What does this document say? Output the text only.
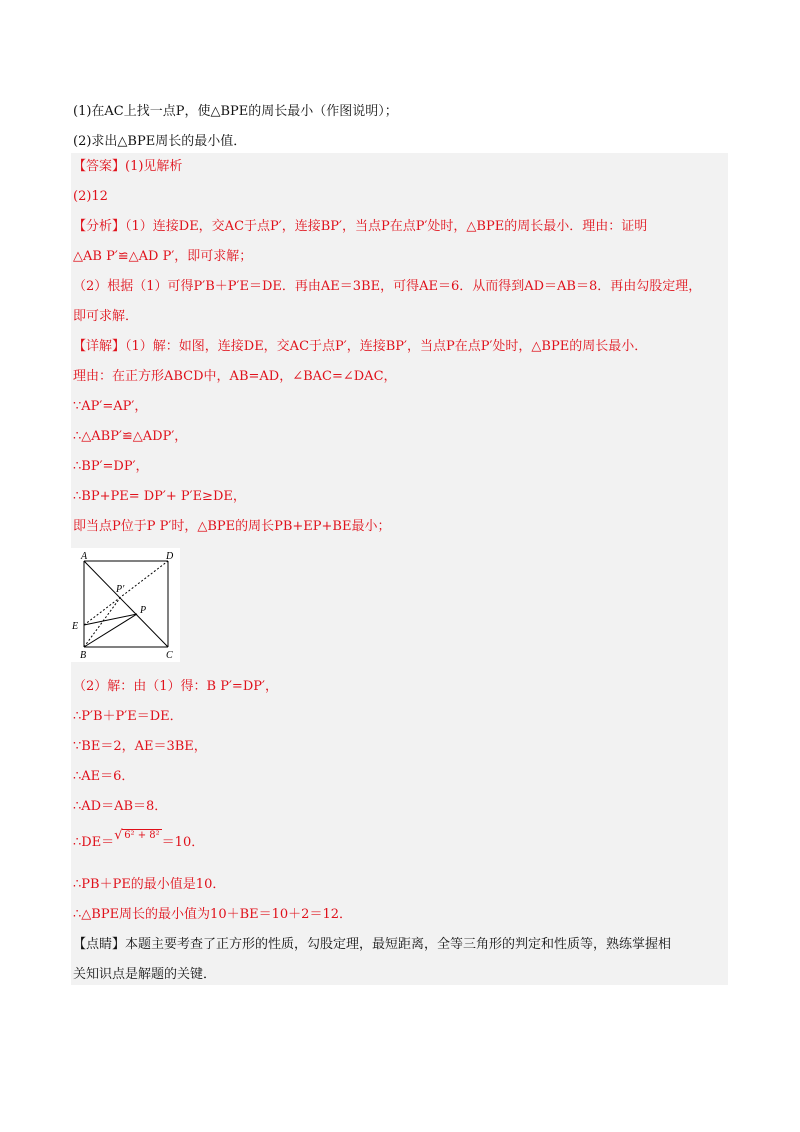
(1)在AC上找一点P，使△BPE的周长最小（作图说明）；
(2)求出△BPE周长的最小值．
【答案】(1)见解析
(2)12
【分析】（1）连接DE，交AC于点P′，连接BP′，当点P在点P′处时，△BPE的周长最小．理由：证明
△AB P′≌△AD P′，即可求解；
（2）根据（1）可得P′B＋P′E＝DE．再由AE＝3BE，可得AE＝6．从而得到AD＝AB＝8．再由勾股定理，
即可求解．
【详解】（1）解：如图，连接DE，交AC于点P′，连接BP′，当点P在点P′处时，△BPE的周长最小．
理由：在正方形ABCD中，AB=AD，∠BAC=∠DAC，
∵AP′=AP′，
∴△ABP′≌△ADP′，
∴BP′=DP′，
∴BP+PE= DP′+ P′E≥DE，
即当点P位于P P′时，△BPE的周长PB+EP+BE最小；
A	D
E
B	C
P
P′
（2）解：由（1）得：B P′=DP′，
∴P′B＋P′E＝DE．
∵BE＝2，AE＝3BE，
∴AE＝6．
∴AD＝AB＝8．
∴DE＝ √ 6² + 8² ＝10．
∴PB＋PE的最小值是10．
∴△BPE周长的最小值为10＋BE＝10＋2＝12．
【点睛】本题主要考查了正方形的性质，勾股定理，最短距离，全等三角形的判定和性质等，熟练掌握相
关知识点是解题的关键．
